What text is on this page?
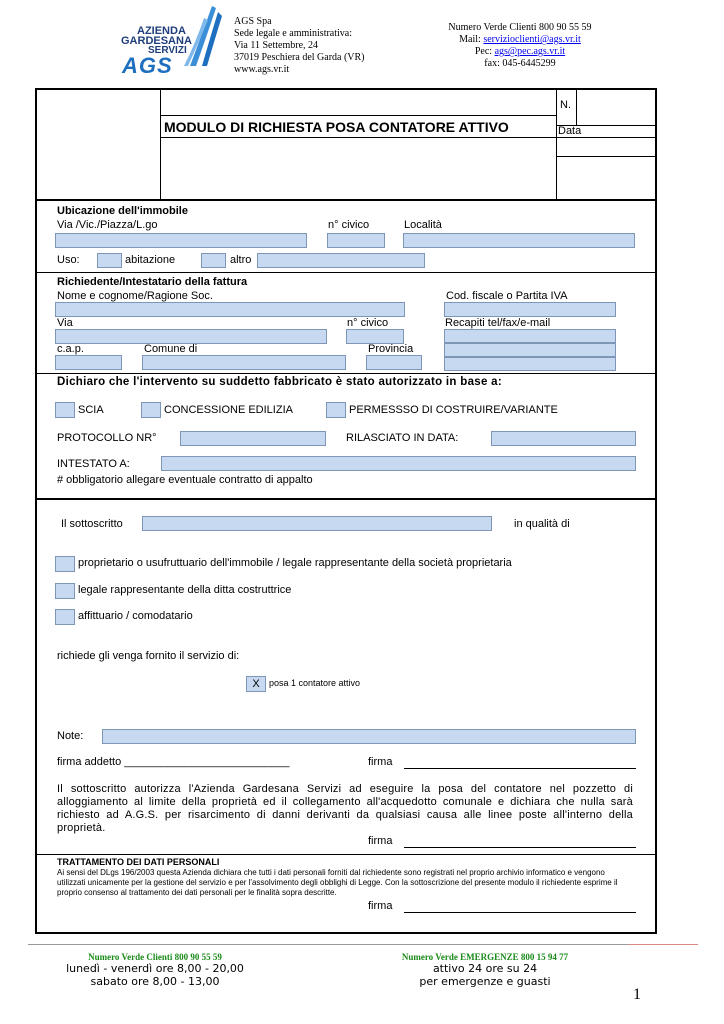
AZIENDA
GARDESANA
SERVIZI
AGS
AGS Spa
Sede legale e amministrativa:
Via 11 Settembre, 24
37019 Peschiera del Garda (VR)
www.ags.vr.it
Numero Verde Clienti 800 90 55 59
Mail: servizioclienti@ags.vr.it
Pec: ags@pec.ags.vr.it
fax: 045-6445299
MODULO DI RICHIESTA POSA CONTATORE ATTIVO
N.
Data
Ubicazione dell'immobile
Via /Vic./Piazza/L.go	n° civico	Località
Uso:	abitazione	altro
Richiedente/Intestatario della fattura
Nome e cognome/Ragione Soc.	Cod. fiscale o Partita IVA
Via	n° civico	Recapiti tel/fax/e-mail
c.a.p.	Comune di	Provincia
Dichiaro che l'intervento su suddetto fabbricato è stato autorizzato in base a:
SCIA	CONCESSIONE EDILIZIA	PERMESSSO DI COSTRUIRE/VARIANTE
PROTOCOLLO NR°	RILASCIATO IN DATA:
INTESTATO A:
# obbligatorio allegare eventuale contratto di appalto
Il sottoscritto	in qualità di
proprietario o usufruttuario dell'immobile / legale rappresentante della società proprietaria
legale rappresentante della ditta costruttrice
affittuario / comodatario
richiede gli venga fornito il servizio di:
X	posa 1 contatore attivo
Note:
firma addetto ___________________________	firma
Il sottoscritto autorizza l'Azienda Gardesana Servizi ad eseguire la posa del contatore nel pozzetto di alloggiamento al limite della proprietà ed il collegamento all'acquedotto comunale e dichiara che nulla sarà richiesto ad A.G.S. per risarcimento di danni derivanti da qualsiasi causa alle linee poste all'interno della proprietà.
firma
TRATTAMENTO DEI DATI PERSONALI
Ai sensi del DLgs 196/2003 questa Azienda dichiara che tutti i dati personali forniti dal richiedente sono registrati nel proprio archivio informatico e vengono utilizzati unicamente per la gestione del servizio e per l'assolvimento degli obblighi di Legge. Con la sottoscrizione del presente modulo il richiedente esprime il proprio consenso al trattamento dei dati personali per le finalità sopra descritte.
firma
Numero Verde Clienti 800 90 55 59
lunedì - venerdì ore 8,00 - 20,00
sabato ore 8,00 - 13,00
Numero Verde EMERGENZE 800 15 94 77
attivo 24 ore su 24
per emergenze e guasti
1
